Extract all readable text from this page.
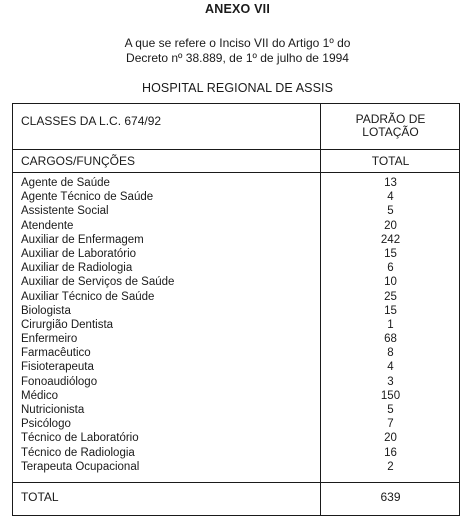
ANEXO VII
A que se refere o Inciso VII do Artigo 1º do
Decreto nº 38.889, de 1º de julho de 1994
HOSPITAL REGIONAL DE ASSIS
CLASSES DA L.C. 674/92	PADRÃO DE
LOTAÇÃO
CARGOS/FUNÇÕES	TOTAL
Agente de Saúde	13
Agente Técnico de Saúde	4
Assistente Social	5
Atendente	20
Auxiliar de Enfermagem	242
Auxiliar de Laboratório	15
Auxiliar de Radiologia	6
Auxiliar de Serviços de Saúde	10
Auxiliar Técnico de Saúde	25
Biologista	15
Cirurgião Dentista	1
Enfermeiro	68
Farmacêutico	8
Fisioterapeuta	4
Fonoaudiólogo	3
Médico	150
Nutricionista	5
Psicólogo	7
Técnico de Laboratório	20
Técnico de Radiologia	16
Terapeuta Ocupacional	2
TOTAL	639
